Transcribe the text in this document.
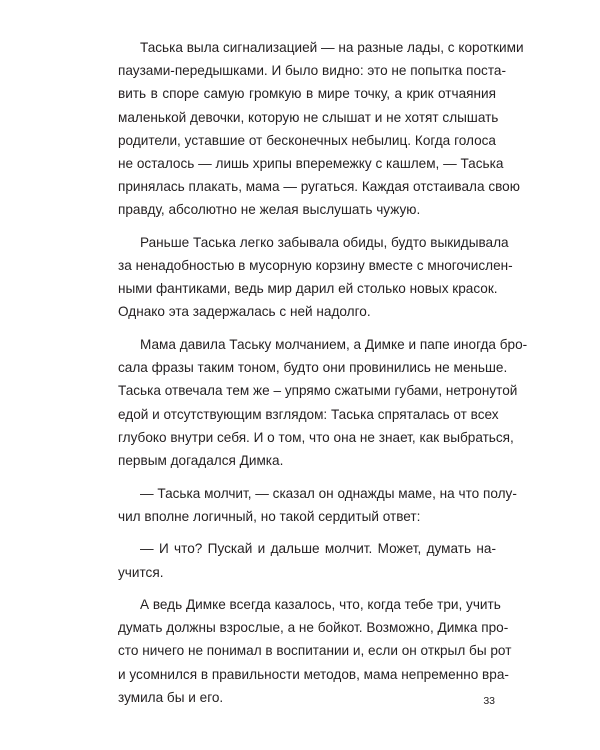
Таська выла сигнализацией — на разные лады, с короткими
паузами-передышками. И было видно: это не попытка поста-
вить в споре самую громкую в мире точку, а крик отчаяния
маленькой девочки, которую не слышат и не хотят слышать
родители, уставшие от бесконечных небылиц. Когда голоса
не осталось — лишь хрипы вперемежку с кашлем, — Таська
принялась плакать, мама — ругаться. Каждая отстаивала свою
правду, абсолютно не желая выслушать чужую.
Раньше Таська легко забывала обиды, будто выкидывала
за ненадобностью в мусорную корзину вместе с многочислен-
ными фантиками, ведь мир дарил ей столько новых красок.
Однако эта задержалась с ней надолго.
Мама давила Таську молчанием, а Димке и папе иногда бро-
сала фразы таким тоном, будто они провинились не меньше.
Таська отвечала тем же – упрямо сжатыми губами, нетронутой
едой и отсутствующим взглядом: Таська спряталась от всех
глубоко внутри себя. И о том, что она не знает, как выбраться,
первым догадался Димка.
— Таська молчит, — сказал он однажды маме, на что полу-
чил вполне логичный, но такой сердитый ответ:
— И что? Пускай и дальше молчит. Может, думать на-
учится.
А ведь Димке всегда казалось, что, когда тебе три, учить
думать должны взрослые, а не бойкот. Возможно, Димка про-
сто ничего не понимал в воспитании и, если он открыл бы рот
и усомнился в правильности методов, мама непременно вра-
зумила бы и его.	33
